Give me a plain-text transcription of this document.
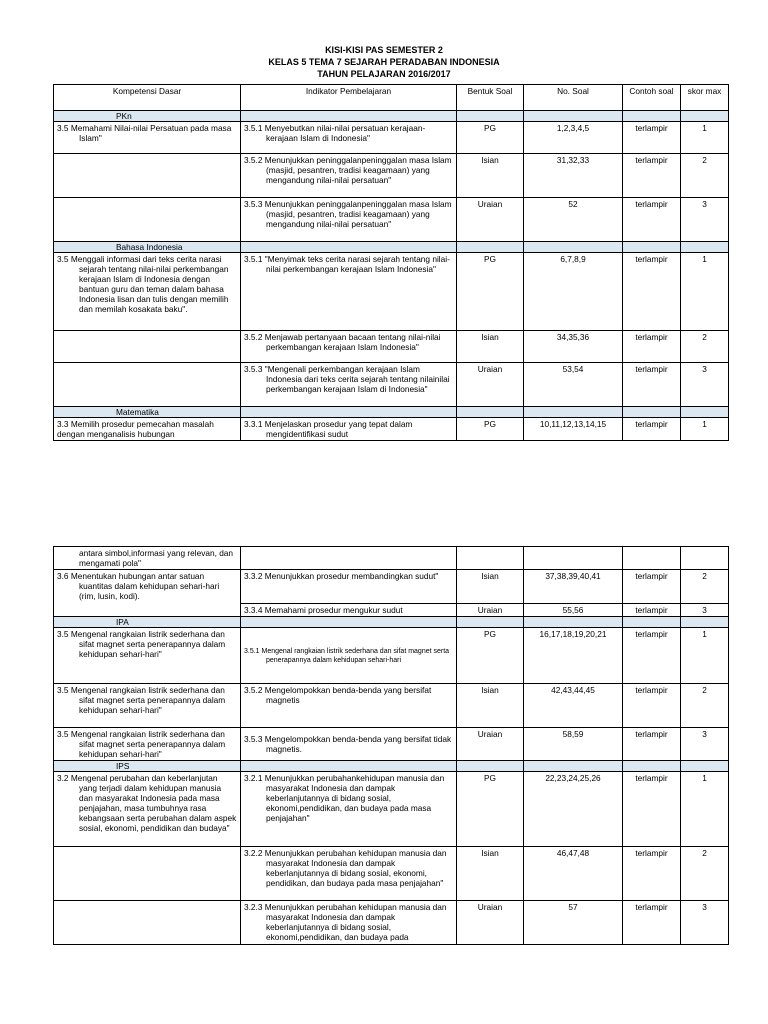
KISI-KISI PAS SEMESTER 2
KELAS 5 TEMA 7 SEJARAH PERADABAN INDONESIA
TAHUN PELAJARAN 2016/2017
Kompetensi Dasar	Indikator Pembelajaran	Bentuk Soal	No. Soal	Contoh soal	skor max
PKn					

3.5 Memahami Nilai-nilai Persatuan pada masa Islam"	3.5.1 Menyebutkan nilai-nilai persatuan kerajaan-kerajaan Islam di Indonesia"	PG	1,2,3,4,5	terlampir	1

	3.5.2 Menunjukkan peninggalanpeninggalan masa Islam (masjid, pesantren, tradisi keagamaan) yang mengandung nilai-nilai persatuan"	Isian	31,32,33	terlampir	2

	3.5.3 Menunjukkan peninggalanpeninggalan masa Islam (masjid, pesantren, tradisi keagamaan) yang mengandung nilai-nilai persatuan"	Uraian	52	terlampir	3
Bahasa Indonesia					

3.5 Menggali informasi dari teks cerita narasi sejarah tentang nilai-nilai perkembangan kerajaan Islam di Indonesia dengan bantuan guru dan teman dalam bahasa Indonesia lisan dan tulis dengan memilih dan memilah kosakata baku".	3.5.1 "Menyimak teks cerita narasi sejarah tentang nilai-nilai perkembangan kerajaan Islam Indonesia"	PG	6,7,8,9	terlampir	1

	3.5.2 Menjawab pertanyaan bacaan tentang nilai-nilai perkembangan kerajaan Islam Indonesia"	Isian	34,35,36	terlampir	2

	3.5.3 "Mengenali perkembangan kerajaan Islam Indonesia dari teks cerita sejarah tentang nilainilai perkembangan kerajaan Islam di Indonesia"	Uraian	53,54	terlampir	3
Matematika					
3.3 Memilih prosedur pemecahan masalah dengan menganalisis hubungan	3.3.1 Menjelaskan prosedur yang tepat dalam mengidentifikasi sudut	PG	10,11,12,13,14,15	terlampir	1
antara simbol,informasi yang relevan, dan mengamati pola"					

3.6 Menentukan hubungan antar satuan kuantitas dalam kehidupan sehari-hari (rim, lusin, kodi).	3.3.2 Menunjukkan prosedur membandingkan sudut"	Isian	37,38,39,40,41	terlampir	2

	3.3.4 Memahami prosedur mengukur sudut	Uraian	55,56	terlampir	3
IPA					

3.5 Mengenal rangkaian listrik sederhana dan sifat magnet serta penerapannya dalam kehidupan sehari-hari"	3.5.1 Mengenal rangkaian listrik sederhana dan sifat magnet serta penerapannya dalam kehidupan sehari-hari	PG	16,17,18,19,20,21	terlampir	1

3.5 Mengenal rangkaian listrik sederhana dan sifat magnet serta penerapannya dalam kehidupan sehari-hari"	3.5.2 Mengelompokkan benda-benda yang bersifat magnetis	Isian	42,43,44,45	terlampir	2

3.5 Mengenal rangkaian listrik sederhana dan sifat magnet serta penerapannya dalam kehidupan sehari-hari"	3.5.3 Mengelompokkan benda-benda yang bersifat tidak magnetis.	Uraian	58,59	terlampir	3
IPS					

3.2 Mengenal perubahan dan keberlanjutan yang terjadi dalam kehidupan manusia dan masyarakat Indonesia pada masa penjajahan, masa tumbuhnya rasa kebangsaan serta perubahan dalam aspek sosial, ekonomi, pendidikan dan budaya"	3.2.1 Menunjukkan perubahankehidupan manusia dan masyarakat Indonesia dan dampak keberlanjutannya di bidang sosial, ekonomi,pendidikan, dan budaya pada masa penjajahan"	PG	22,23,24,25,26	terlampir	1

	3.2.2 Menunjukkan perubahan kehidupan manusia dan masyarakat Indonesia dan dampak keberlanjutannya di bidang sosial, ekonomi, pendidikan, dan budaya pada masa penjajahan"	Isian	46,47,48	terlampir	2

	3.2.3 Menunjukkan perubahan kehidupan manusia dan masyarakat Indonesia dan dampak keberlanjutannya di bidang sosial, ekonomi,pendidikan, dan budaya pada	Uraian	57	terlampir	3
